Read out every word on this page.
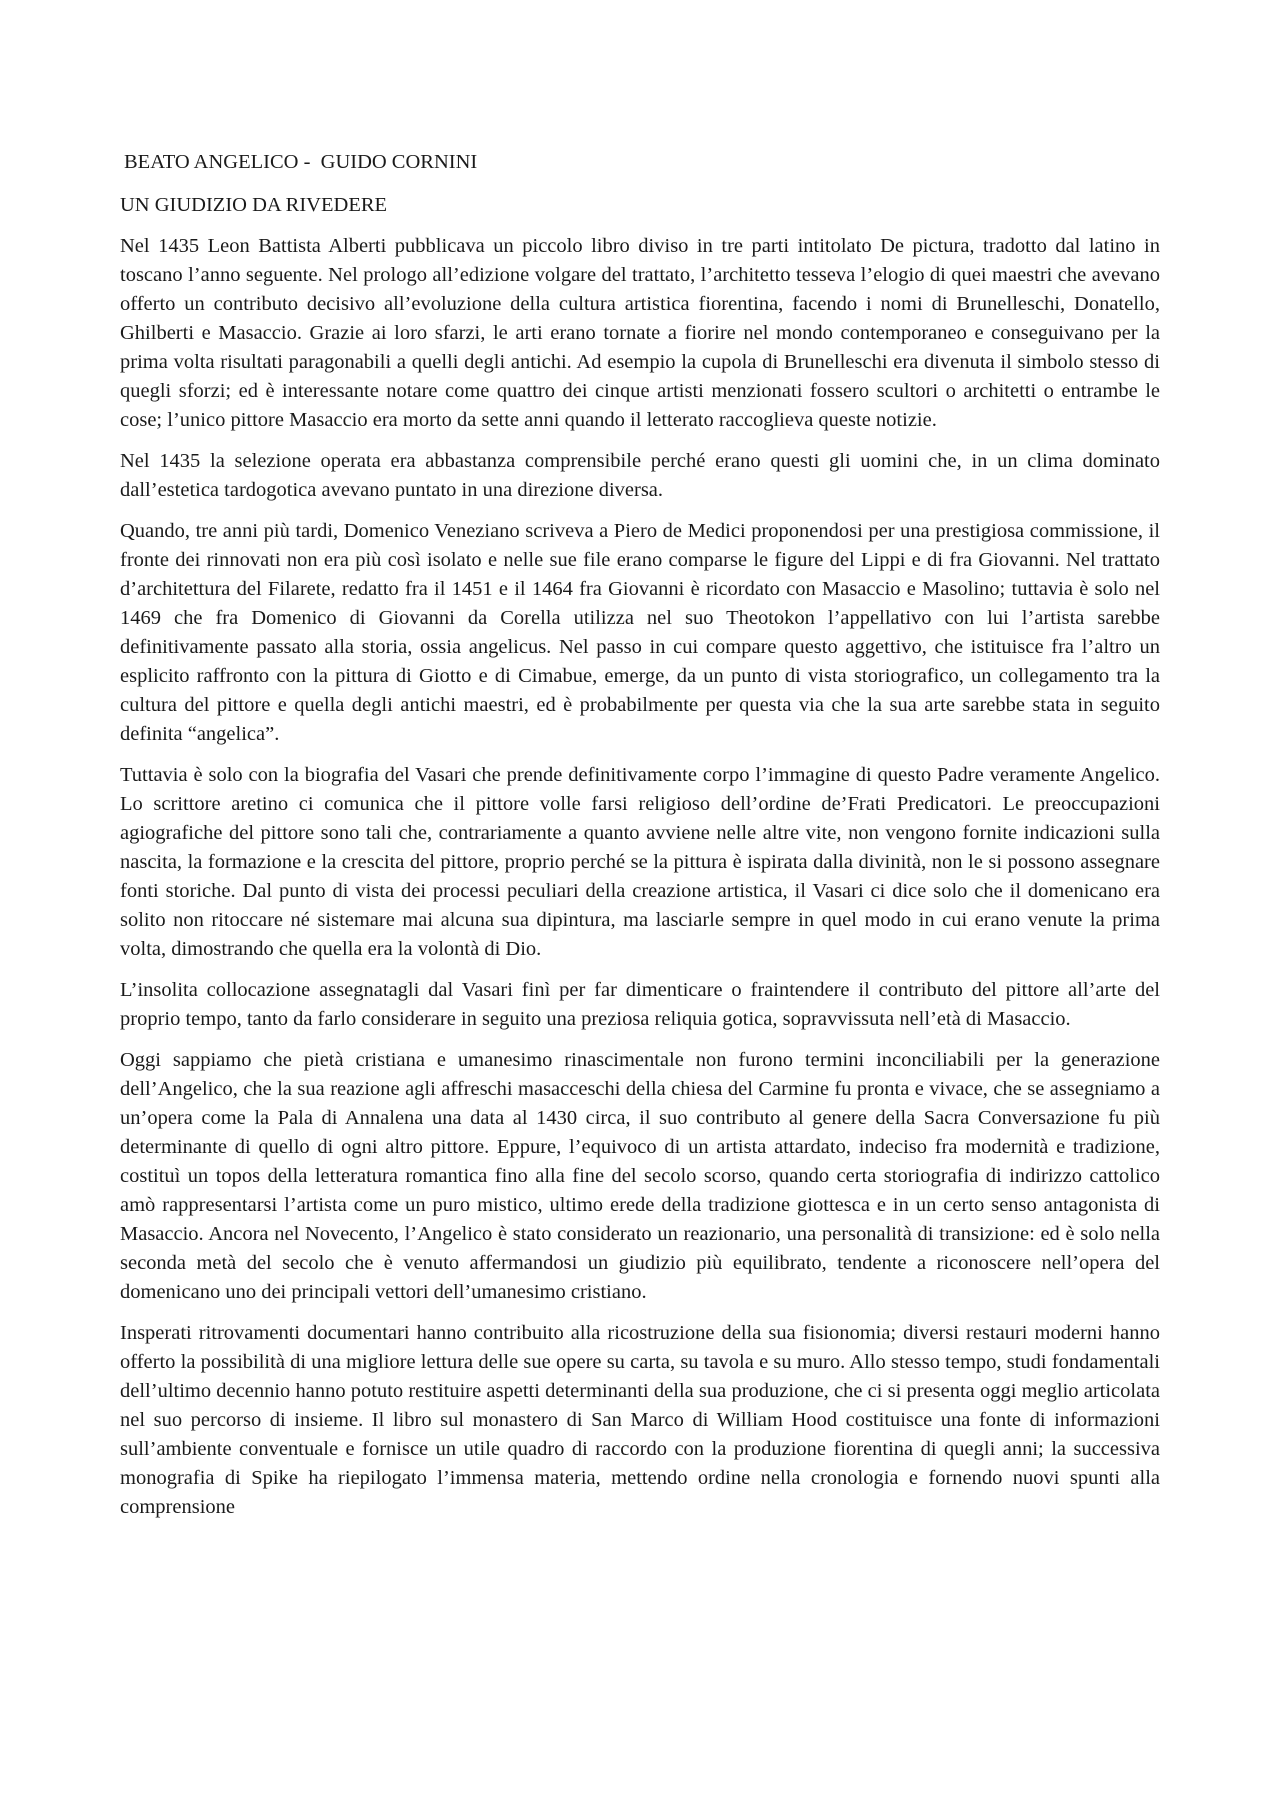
BEATO ANGELICO -  GUIDO CORNINI
UN GIUDIZIO DA RIVEDERE

Nel 1435 Leon Battista Alberti pubblicava un piccolo libro diviso in tre parti intitolato De pictura, tradotto dal latino in toscano l’anno seguente. Nel prologo all’edizione volgare del trattato, l’architetto tesseva l’elogio di quei maestri che avevano offerto un contributo decisivo all’evoluzione della cultura artistica fiorentina, facendo i nomi di Brunelleschi, Donatello, Ghilberti e Masaccio. Grazie ai loro sfarzi, le arti erano tornate a fiorire nel mondo contemporaneo e conseguivano per la prima volta risultati paragonabili a quelli degli antichi. Ad esempio la cupola di Brunelleschi era divenuta il simbolo stesso di quegli sforzi; ed è interessante notare come quattro dei cinque artisti menzionati fossero scultori o architetti o entrambe le cose; l’unico pittore Masaccio era morto da sette anni quando il letterato raccoglieva queste notizie.

Nel 1435 la selezione operata era abbastanza comprensibile perché erano questi gli uomini che, in un clima dominato dall’estetica tardogotica avevano puntato in una direzione diversa.

Quando, tre anni più tardi, Domenico Veneziano scriveva a Piero de Medici proponendosi per una prestigiosa commissione, il fronte dei rinnovati non era più così isolato e nelle sue file erano comparse le figure del Lippi e di fra Giovanni. Nel trattato d’architettura del Filarete, redatto fra il 1451 e il 1464 fra Giovanni è ricordato con Masaccio e Masolino; tuttavia è solo nel 1469 che fra Domenico di Giovanni da Corella utilizza nel suo Theotokon l’appellativo con lui l’artista sarebbe definitivamente passato alla storia, ossia angelicus. Nel passo in cui compare questo aggettivo, che istituisce fra l’altro un esplicito raffronto con la pittura di Giotto e di Cimabue, emerge, da un punto di vista storiografico, un collegamento tra la cultura del pittore e quella degli antichi maestri, ed è probabilmente per questa via che la sua arte sarebbe stata in seguito definita “angelica”.

Tuttavia è solo con la biografia del Vasari che prende definitivamente corpo l’immagine di questo Padre veramente Angelico. Lo scrittore aretino ci comunica che il pittore volle farsi religioso dell’ordine de’Frati Predicatori. Le preoccupazioni agiografiche del pittore sono tali che, contrariamente a quanto avviene nelle altre vite, non vengono fornite indicazioni sulla nascita, la formazione e la crescita del pittore, proprio perché se la pittura è ispirata dalla divinità, non le si possono assegnare fonti storiche. Dal punto di vista dei processi peculiari della creazione artistica, il Vasari ci dice solo che il domenicano era solito non ritoccare né sistemare mai alcuna sua dipintura, ma lasciarle sempre in quel modo in cui erano venute la prima volta, dimostrando che quella era la volontà di Dio.

L’insolita collocazione assegnatagli dal Vasari finì per far dimenticare o fraintendere il contributo del pittore all’arte del proprio tempo, tanto da farlo considerare in seguito una preziosa reliquia gotica, sopravvissuta nell’età di Masaccio.

Oggi sappiamo che pietà cristiana e umanesimo rinascimentale non furono termini inconciliabili per la generazione dell’Angelico, che la sua reazione agli affreschi masacceschi della chiesa del Carmine fu pronta e vivace, che se assegniamo a un’opera come la Pala di Annalena una data al 1430 circa, il suo contributo al genere della Sacra Conversazione fu più determinante di quello di ogni altro pittore. Eppure, l’equivoco di un artista attardato, indeciso fra modernità e tradizione, costituì un topos della letteratura romantica fino alla fine del secolo scorso, quando certa storiografia di indirizzo cattolico amò rappresentarsi l’artista come un puro mistico, ultimo erede della tradizione giottesca e in un certo senso antagonista di Masaccio. Ancora nel Novecento, l’Angelico è stato considerato un reazionario, una personalità di transizione: ed è solo nella seconda metà del secolo che è venuto affermandosi un giudizio più equilibrato, tendente a riconoscere nell’opera del domenicano uno dei principali vettori dell’umanesimo cristiano.

Insperati ritrovamenti documentari hanno contribuito alla ricostruzione della sua fisionomia; diversi restauri moderni hanno offerto la possibilità di una migliore lettura delle sue opere su carta, su tavola e su muro. Allo stesso tempo, studi fondamentali dell’ultimo decennio hanno potuto restituire aspetti determinanti della sua produzione, che ci si presenta oggi meglio articolata nel suo percorso di insieme. Il libro sul monastero di San Marco di William Hood costituisce una fonte di informazioni sull’ambiente conventuale e fornisce un utile quadro di raccordo con la produzione fiorentina di quegli anni; la successiva monografia di Spike ha riepilogato l’immensa materia, mettendo ordine nella cronologia e fornendo nuovi spunti alla comprensione
